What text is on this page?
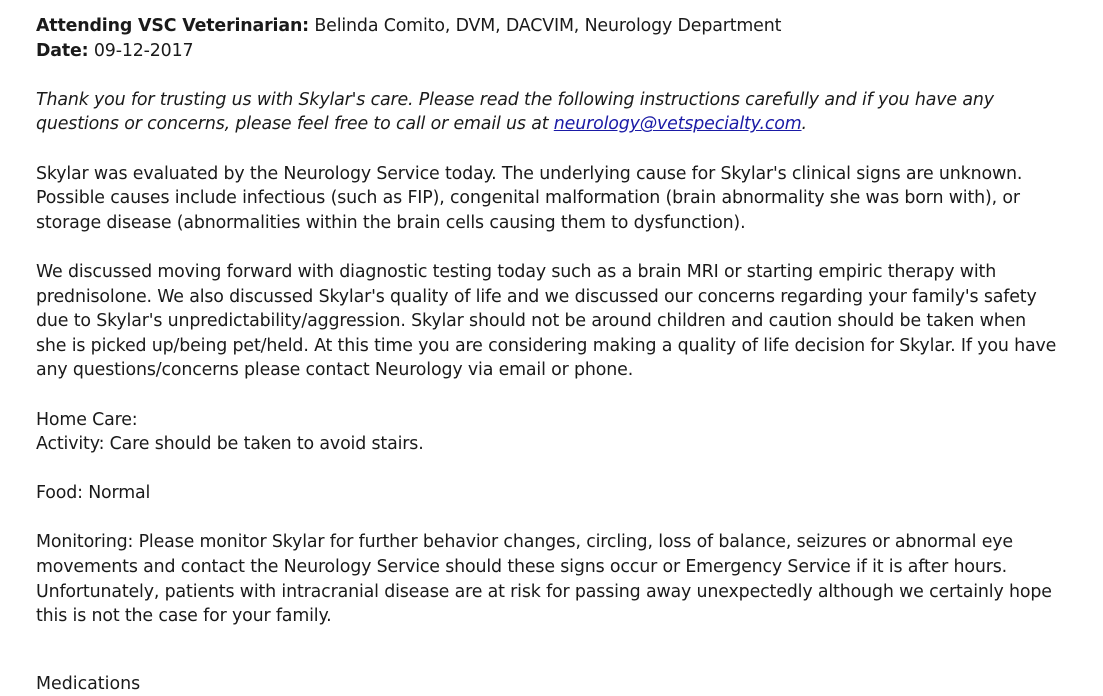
Attending VSC Veterinarian: Belinda Comito, DVM, DACVIM, Neurology Department
Date: 09-12-2017
Thank you for trusting us with Skylar's care. Please read the following instructions carefully and if you have any
questions or concerns, please feel free to call or email us at neurology@vetspecialty.com.
Skylar was evaluated by the Neurology Service today. The underlying cause for Skylar's clinical signs are unknown.
Possible causes include infectious (such as FIP), congenital malformation (brain abnormality she was born with), or
storage disease (abnormalities within the brain cells causing them to dysfunction).
We discussed moving forward with diagnostic testing today such as a brain MRI or starting empiric therapy with
prednisolone. We also discussed Skylar's quality of life and we discussed our concerns regarding your family's safety
due to Skylar's unpredictability/aggression. Skylar should not be around children and caution should be taken when
she is picked up/being pet/held. At this time you are considering making a quality of life decision for Skylar. If you have
any questions/concerns please contact Neurology via email or phone.
Home Care:
Activity: Care should be taken to avoid stairs.
Food: Normal
Monitoring: Please monitor Skylar for further behavior changes, circling, loss of balance, seizures or abnormal eye
movements and contact the Neurology Service should these signs occur or Emergency Service if it is after hours.
Unfortunately, patients with intracranial disease are at risk for passing away unexpectedly although we certainly hope
this is not the case for your family.
Medications
